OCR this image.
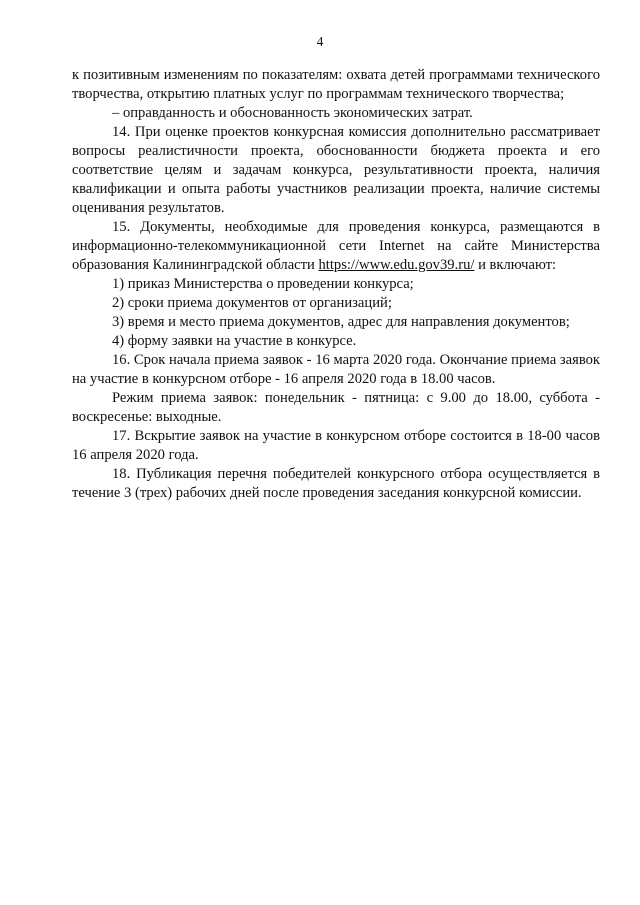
4

к позитивным изменениям по показателям: охвата детей программами технического творчества, открытию платных услуг по программам технического творчества;

– оправданность и обоснованность экономических затрат.

14. При оценке проектов конкурсная комиссия дополнительно рассматривает вопросы реалистичности проекта, обоснованности бюджета проекта и его соответствие целям и задачам конкурса, результативности проекта, наличия квалификации и опыта работы участников реализации проекта, наличие системы оценивания результатов.

15. Документы, необходимые для проведения конкурса, размещаются в информационно-телекоммуникационной сети Internet на сайте Министерства образования Калининградской области https://www.edu.gov39.ru/ и включают:

1) приказ Министерства о проведении конкурса;

2) сроки приема документов от организаций;

3) время и место приема документов, адрес для направления документов;

4) форму заявки на участие в конкурсе.

16. Срок начала приема заявок - 16 марта 2020 года. Окончание приема заявок на участие в конкурсном отборе - 16 апреля 2020 года в 18.00 часов.

Режим приема заявок: понедельник - пятница: с 9.00 до 18.00, суббота - воскресенье: выходные.

17. Вскрытие заявок на участие в конкурсном отборе состоится в 18-00 часов 16 апреля 2020 года.

18. Публикация перечня победителей конкурсного отбора осуществляется в течение 3 (трех) рабочих дней после проведения заседания конкурсной комиссии.
